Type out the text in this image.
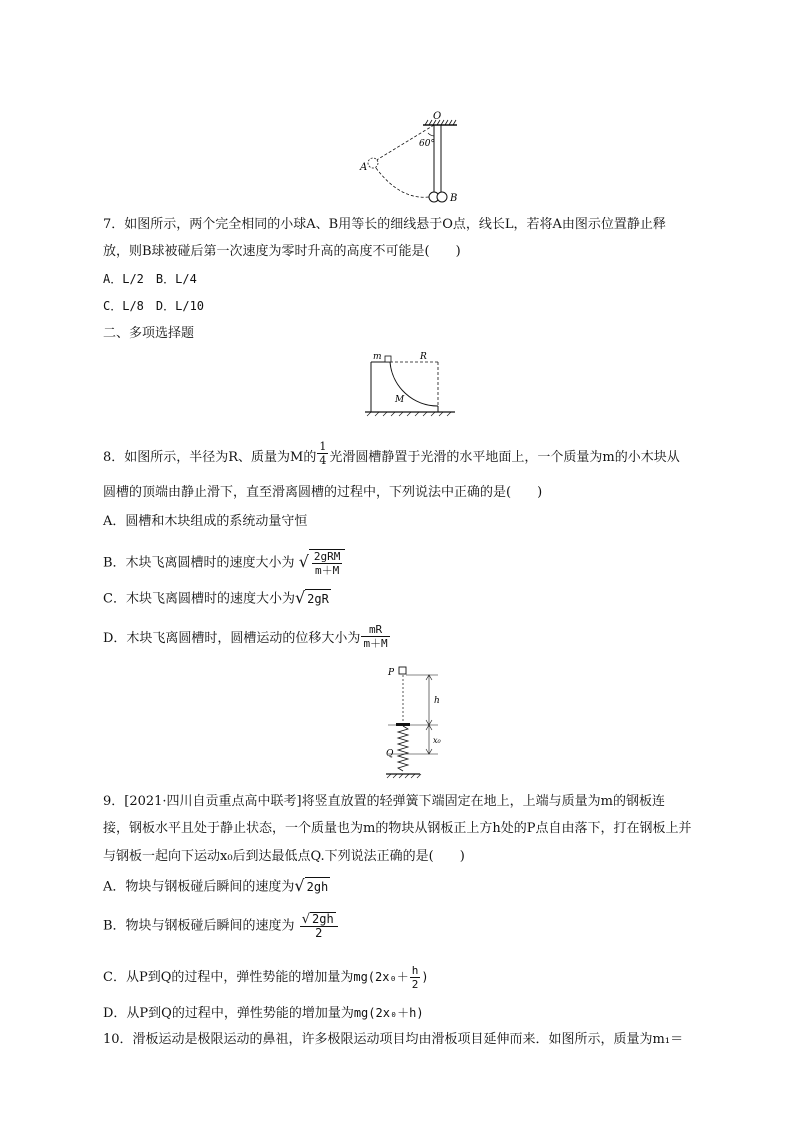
O
A
B
60°
7．如图所示，两个完全相同的小球A、B用等长的细线悬于O点，线长L，若将A由图示位置静止释
放，则B球被碰后第一次速度为零时升高的高度不可能是(　　)
A．L/2　B．L/4
C．L/8　D．L/10
二、多项选择题
m	R
M
8．如图所示，半径为R、质量为M的 $\frac{1}{4}$ 光滑圆槽静置于光滑的水平地面上，一个质量为m的小木块从
圆槽的顶端由静止滑下，直至滑离圆槽的过程中，下列说法中正确的是(　　)
A．圆槽和木块组成的系统动量守恒
B．木块飞离圆槽时的速度大小为 √ $\frac{\text{2gRM}}{m+M}$
C．木块飞离圆槽时的速度大小为√ 2gR
D．木块飞离圆槽时，圆槽运动的位移大小为 $\frac{mR}{m+M}$
P
Q
h
x₀
9．[2021·四川自贡重点高中联考]将竖直放置的轻弹簧下端固定在地上，上端与质量为m的钢板连
接，钢板水平且处于静止状态，一个质量也为m的物块从钢板正上方h处的P点自由落下，打在钢板上并
与钢板一起向下运动x₀后到达最低点Q.下列说法正确的是(　　)
A．物块与钢板碰后瞬间的速度为√ 2gh
B．物块与钢板碰后瞬间的速度为 $\frac{√ 2gh}{2}$
C．从P到Q的过程中，弹性势能的增加量为$mg(2x_0+ \frac{h}{2}$ )
D．从P到Q的过程中，弹性势能的增加量为mg(2x₀＋h)
10．滑板运动是极限运动的鼻祖，许多极限运动项目均由滑板项目延伸而来．如图所示，质量为m₁＝
